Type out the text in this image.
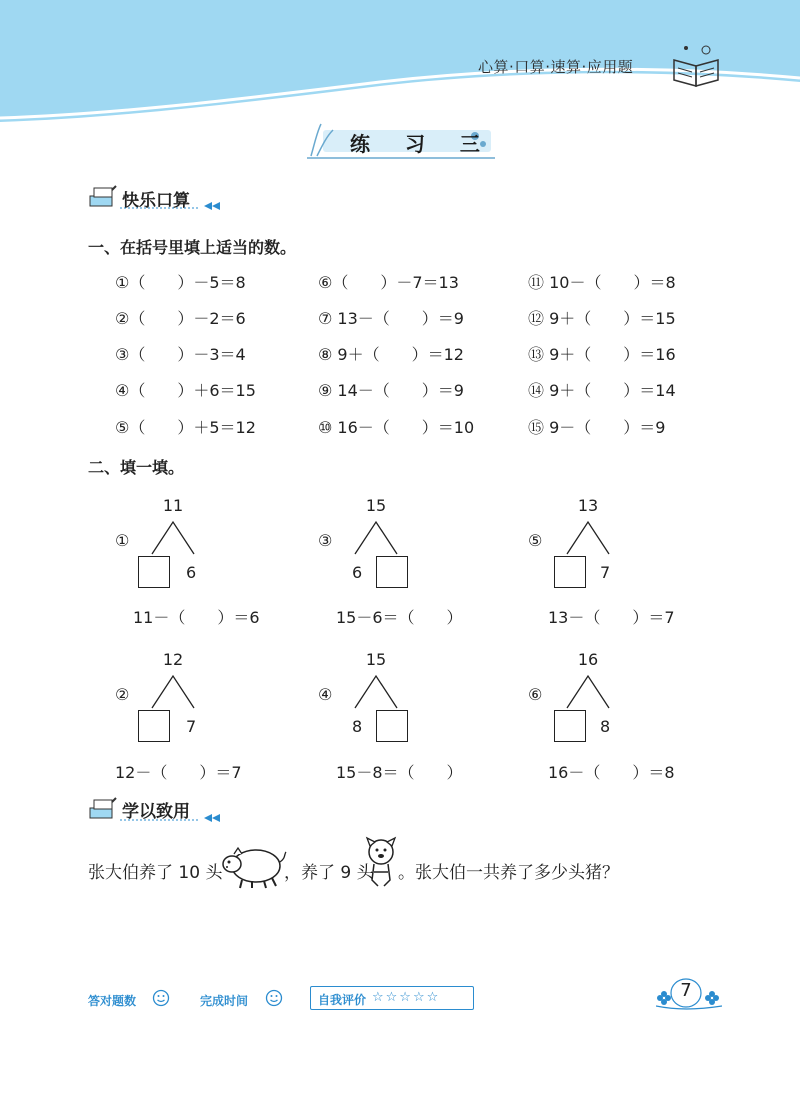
心算·口算·速算·应用题
练 习 三
快乐口算
一、在括号里填上适当的数。
①（　　）－5＝8
②（　　）－2＝6
③（　　）－3＝4
④（　　）＋6＝15
⑤（　　）＋5＝12
⑥（　　）－7＝13
⑦ 13－（　　）＝9
⑧ 9＋（　　）＝12
⑨ 14－（　　）＝9
⑩ 16－（　　）＝10
⑪ 10－（　　）＝8
⑫ 9＋（　　）＝15
⑬ 9＋（　　）＝16
⑭ 9＋（　　）＝14
⑮ 9－（　　）＝9
二、填一填。
①
11
6
11－（　　）＝6
③
15
6
15－6＝（　　）
⑤
13
7
13－（　　）＝7
②
12
7
12－（　　）＝7
④
15
8
15－8＝（　　）
⑥
16
8
16－（　　）＝8
学以致用
张大伯养了 10 头	，养了 9 头 。张大伯一共养了多少头猪？
答对题数	完成时间	自我评价 ☆☆☆☆☆	7
